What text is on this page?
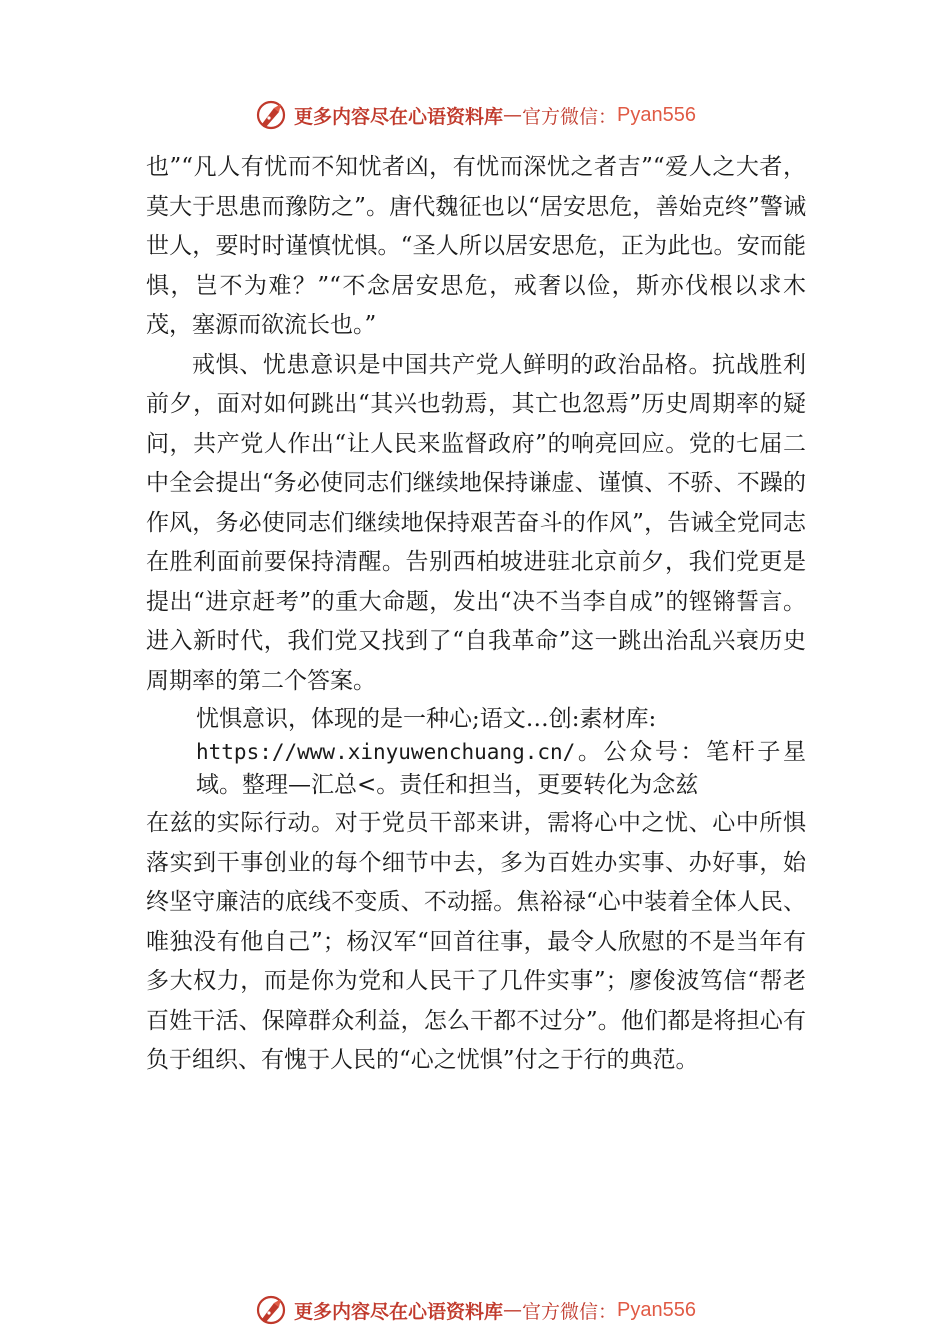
更多内容尽在心语资料库 — 官方微信： Pyan556

也”“凡人有忧而不知忧者凶，有忧而深忧之者吉”“爱人之大者，莫大于思患而豫防之”。唐代魏征也以“居安思危，善始克终”警诫世人，要时时谨慎忧惧。“圣人所以居安思危，正为此也。安而能惧，岂不为难？”“不念居安思危，戒奢以俭，斯亦伐根以求木茂，塞源而欲流长也。”

戒惧、忧患意识是中国共产党人鲜明的政治品格。抗战胜利前夕，面对如何跳出“其兴也勃焉，其亡也忽焉”历史周期率的疑问，共产党人作出“让人民来监督政府”的响亮回应。党的七届二中全会提出“务必使同志们继续地保持谦虚、谨慎、不骄、不躁的作风，务必使同志们继续地保持艰苦奋斗的作风”，告诫全党同志在胜利面前要保持清醒。告别西柏坡进驻北京前夕，我们党更是提出“进京赶考”的重大命题，发出“决不当李自成”的铿锵誓言。进入新时代，我们党又找到了“自我革命”这一跳出治乱兴衰历史周期率的第二个答案。

忧惧意识，体现的是一种心;语文…创:素材库:
https://www.xinyuwenchuang.cn/。公众号：笔杆子星域。整理—汇总<。责任和担当，更要转化为念兹

在兹的实际行动。对于党员干部来讲，需将心中之忧、心中所惧落实到干事创业的每个细节中去，多为百姓办实事、办好事，始终坚守廉洁的底线不变质、不动摇。焦裕禄“心中装着全体人民、唯独没有他自己”；杨汉军“回首往事，最令人欣慰的不是当年有多大权力，而是你为党和人民干了几件实事”；廖俊波笃信“帮老百姓干活、保障群众利益，怎么干都不过分”。他们都是将担心有负于组织、有愧于人民的“心之忧惧”付之于行的典范。

更多内容尽在心语资料库 — 官方微信： Pyan556
